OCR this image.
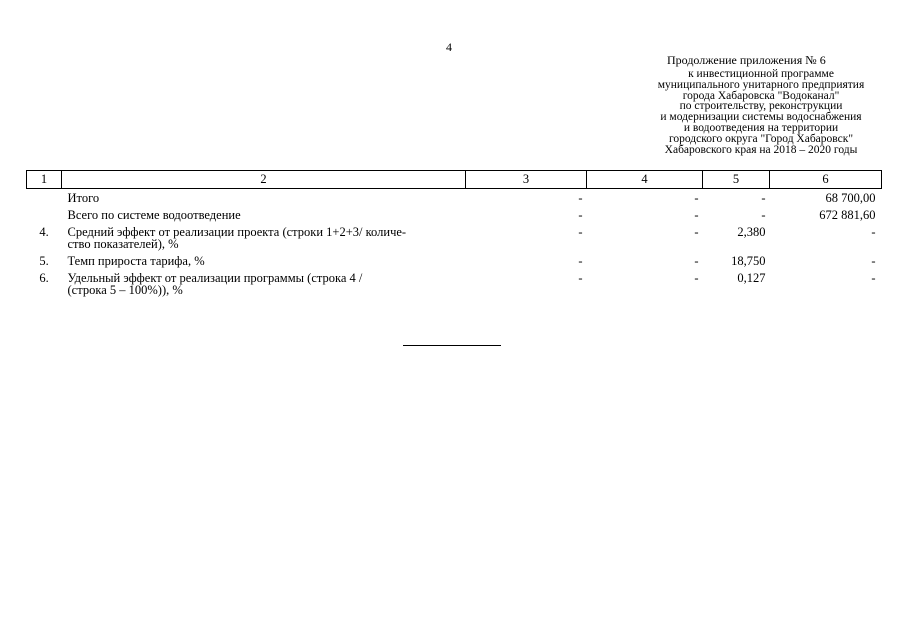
4
Продолжение приложения № 6
к инвестиционной программе
муниципального унитарного предприятия
города Хабаровска "Водоканал"
по строительству, реконструкции
и модернизации системы водоснабжения
и водоотведения на территории
городского округа "Город Хабаровск"
Хабаровского края на 2018 – 2020 годы
1	2	3	4	5	6

	Итого	-	-	-	68 700,00

	Всего по системе водоотведение	-	-	-	672 881,60
4.	Средний эффект от реализации проекта (строки 1+2+3/ количе-
ство показателей), %	-	-	2,380	-
5.	Темп прироста тарифа, %	-	-	18,750	-
6.	Удельный эффект от реализации программы (строка 4 /
(строка 5 – 100%)), %	-	-	0,127	-
